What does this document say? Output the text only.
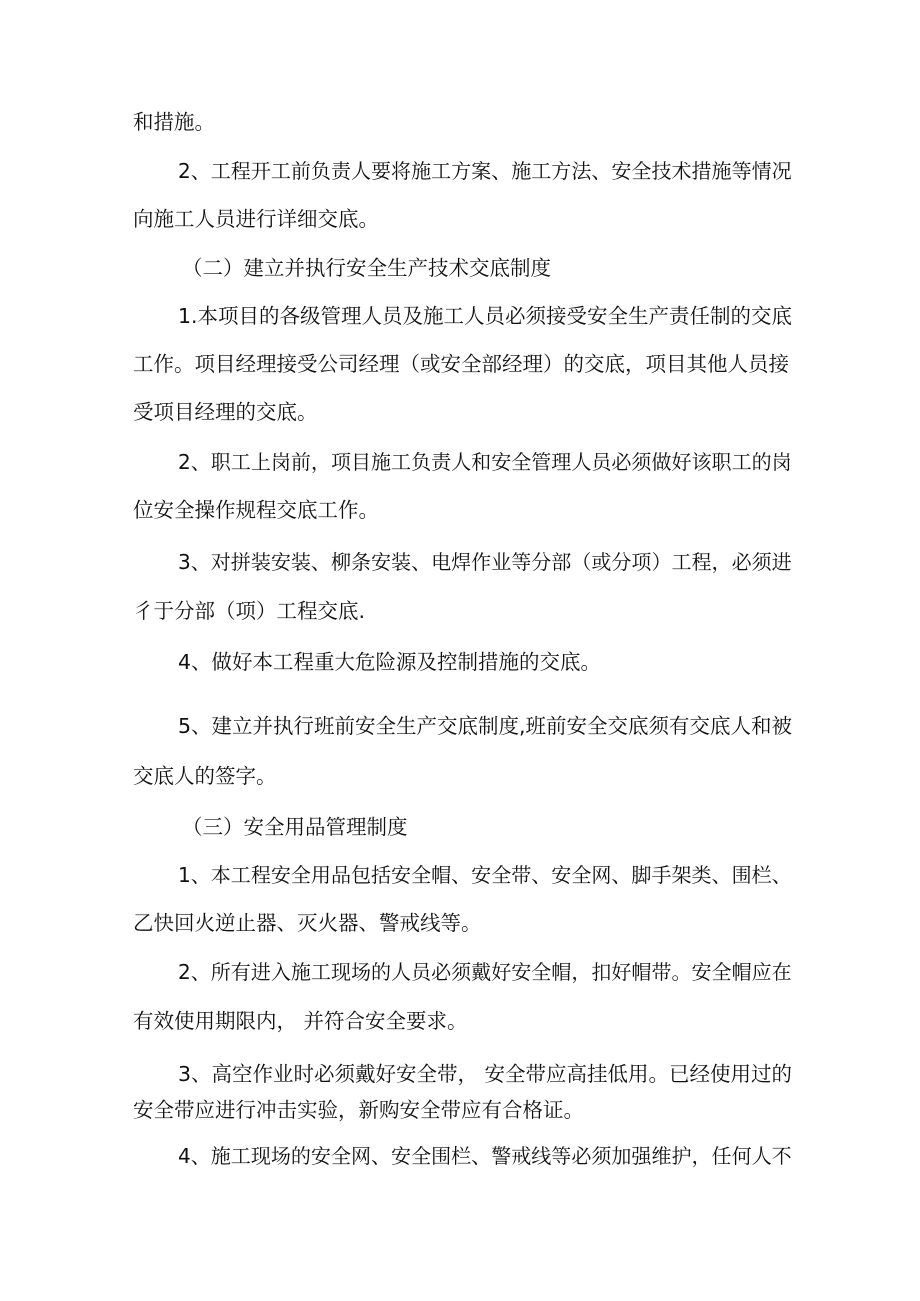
和措施。

2、工程开工前负责人要将施工方案、施工方法、安全技术措施等情况

向施工人员进行详细交底。

（二）建立并执行安全生产技术交底制度

1.本项目的各级管理人员及施工人员必须接受安全生产责任制的交底

工作。项目经理接受公司经理（或安全部经理）的交底，项目其他人员接

受项目经理的交底。

2、职工上岗前，项目施工负责人和安全管理人员必须做好该职工的岗

位安全操作规程交底工作。

3、对拼装安装、柳条安装、电焊作业等分部（或分项）工程，必须进

彳于分部（项）工程交底.

4、做好本工程重大危险源及控制措施的交底。

5、建立并执行班前安全生产交底制度,班前安全交底须有交底人和被

交底人的签字。

（三）安全用品管理制度

1、本工程安全用品包括安全帽、安全带、安全网、脚手架类、围栏、

乙快回火逆止器、灭火器、警戒线等。

2、所有进入施工现场的人员必须戴好安全帽，扣好帽带。安全帽应在

有效使用期限内， 并符合安全要求。

3、高空作业时必须戴好安全带， 安全带应高挂低用。已经使用过的

安全带应进行冲击实验，新购安全带应有合格证。

4、施工现场的安全网、安全围栏、警戒线等必须加强维护，任何人不
